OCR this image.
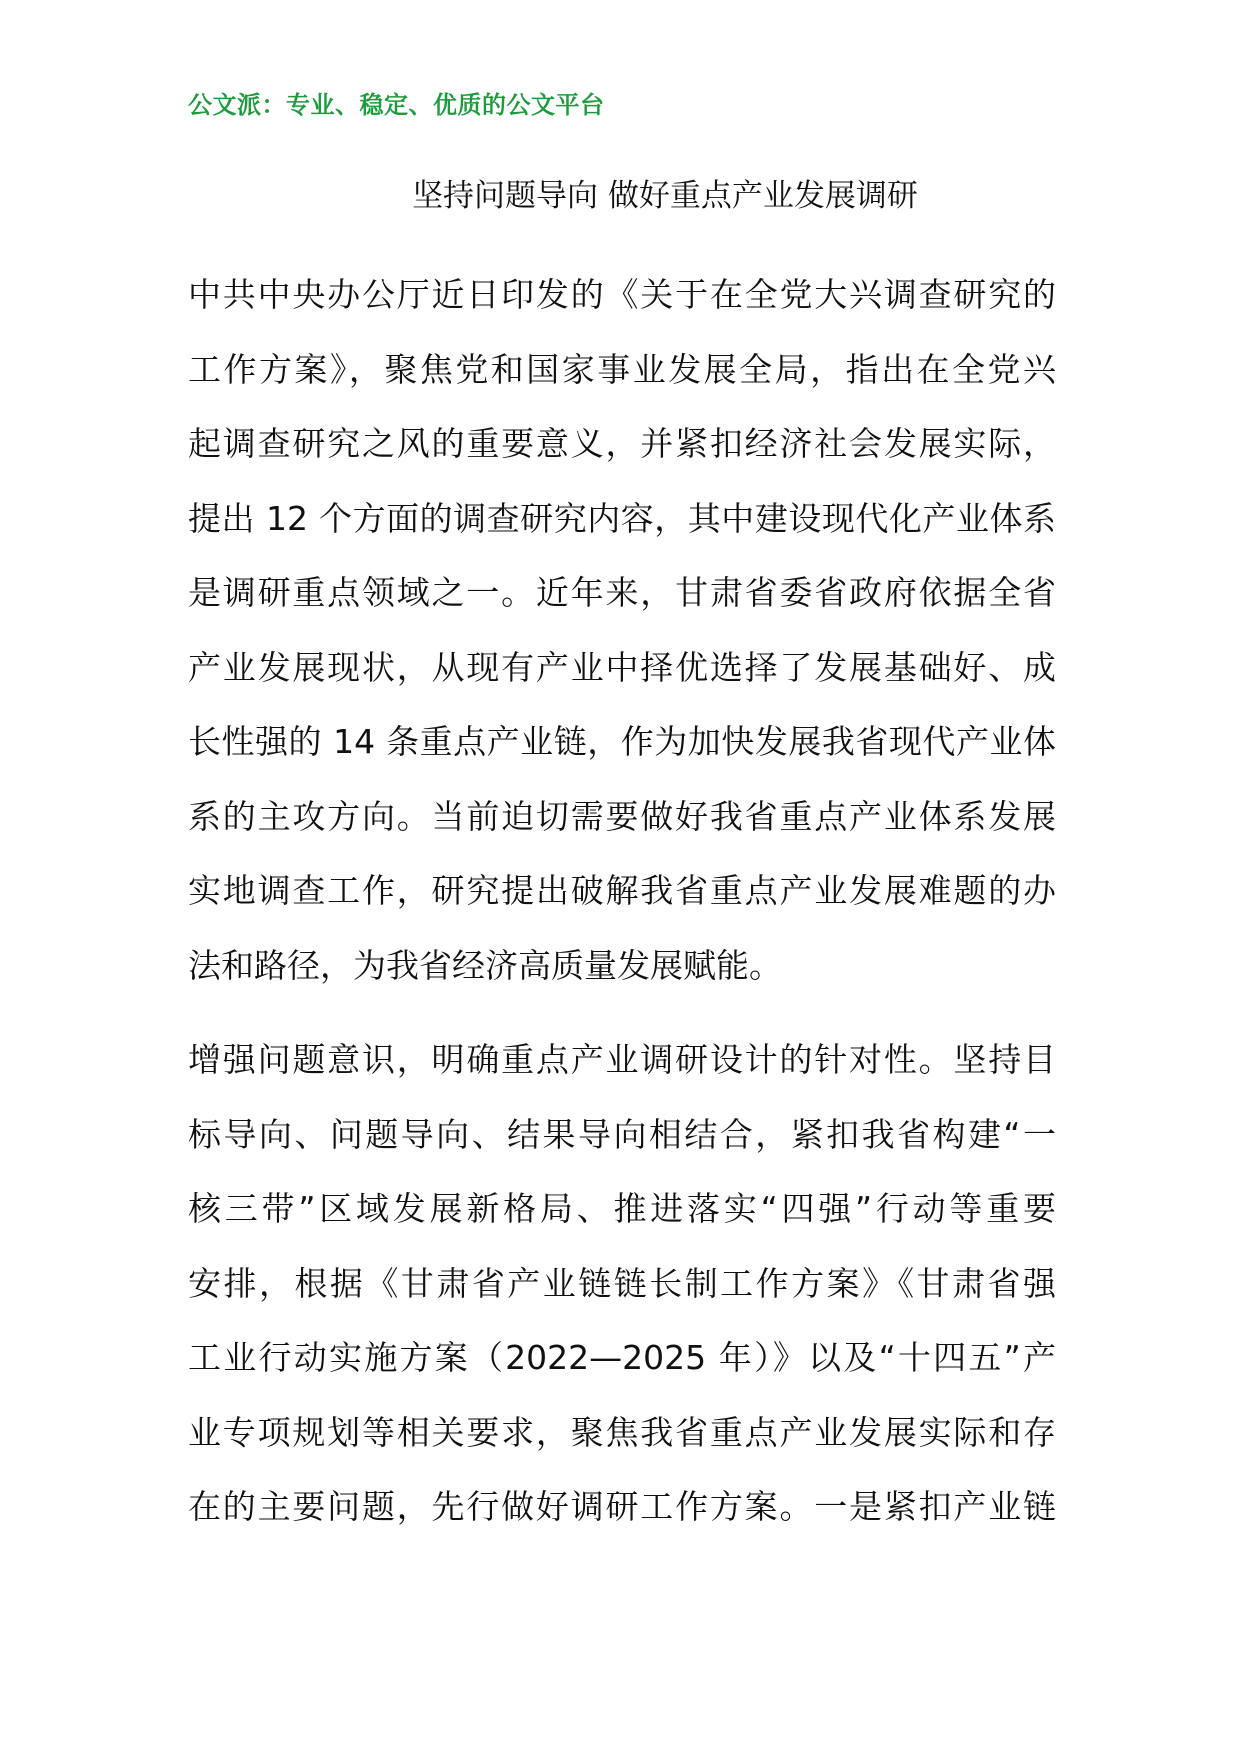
公文派：专业、稳定、优质的公文平台
坚持问题导向 做好重点产业发展调研

中共中央办公厅近日印发的《关于在全党大兴调查研究的
工作方案》，聚焦党和国家事业发展全局，指出在全党兴
起调查研究之风的重要意义，并紧扣经济社会发展实际，
提出 12 个方面的调查研究内容，其中建设现代化产业体系
是调研重点领域之一。近年来，甘肃省委省政府依据全省
产业发展现状，从现有产业中择优选择了发展基础好、成
长性强的 14 条重点产业链，作为加快发展我省现代产业体
系的主攻方向。当前迫切需要做好我省重点产业体系发展
实地调查工作，研究提出破解我省重点产业发展难题的办
法和路径，为我省经济高质量发展赋能。

增强问题意识，明确重点产业调研设计的针对性。坚持目
标导向、问题导向、结果导向相结合，紧扣我省构建“一
核三带”区域发展新格局、推进落实“四强”行动等重要
安排，根据《甘肃省产业链链长制工作方案》《甘肃省强
工业行动实施方案（2022—2025 年）》以及“十四五”产
业专项规划等相关要求，聚焦我省重点产业发展实际和存
在的主要问题，先行做好调研工作方案。一是紧扣产业链
